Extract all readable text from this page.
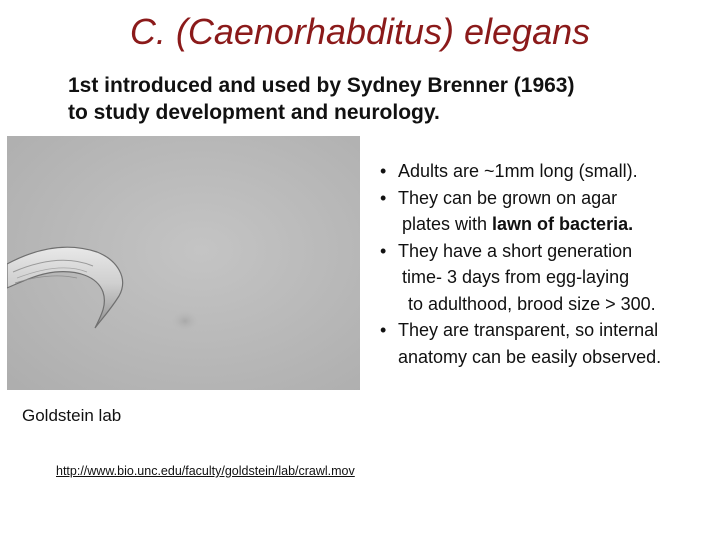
C. (Caenorhabditus) elegans
1st introduced and used by Sydney Brenner (1963)
to study development and neurology.
Goldstein lab
http://www.bio.unc.edu/faculty/goldstein/lab/crawl.mov
• Adults are ~1mm long (small).
• They can be grown on agar
plates with lawn of bacteria.
• They have a short generation
time- 3 days from egg-laying
to adulthood, brood size > 300.
• They are transparent, so internal
anatomy can be easily observed.
